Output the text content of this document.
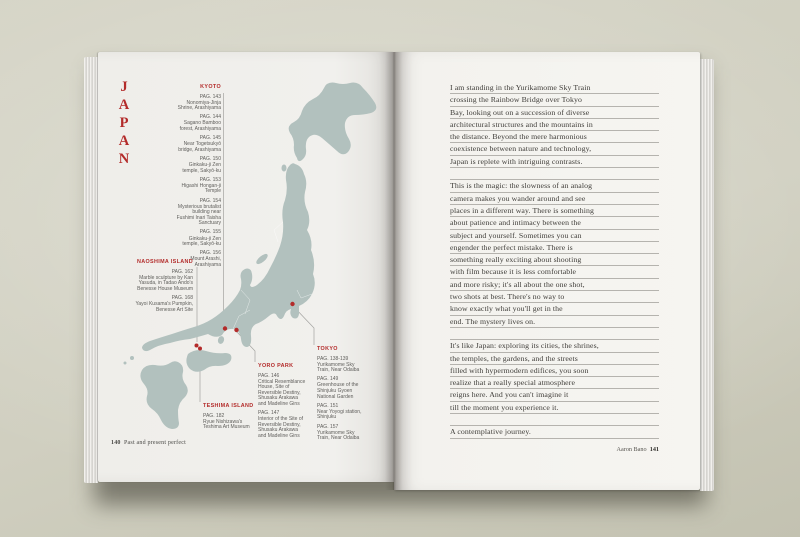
J
A
P
A
N
KYOTO
PAG. 143
Nonomiya-Jinja
Shrine, Arashiyama
PAG. 144
Sagano Bamboo
forest, Arashiyama
PAG. 145
Near Togetsukyō
bridge, Arashiyama
PAG. 150
Ginkaku-ji Zen
temple, Sakyō-ku
PAG. 153
Higashi Hongan-ji
Temple
PAG. 154
Mysterious brutalist
building near
Fushimi Inari Taisha
Sanctuary
PAG. 155
Ginkaku-ji Zen
temple, Sakyō-ku
PAG. 156
Mount Arashi,
Arashiyama
NAOSHIMA ISLAND
PAG. 162
Marble sculpture by Kan
Yasuda, in Tadao Ando's
Benesse House Museum
PAG. 168
Yayoi Kusama's Pumpkin,
Benesse Art Site
TESHIMA ISLAND
PAG. 182
Ryue Nishizawa's
Teshima Art Museum
YORO PARK
PAG. 146
Critical Resemblance
House, Site of
Reversible Destiny,
Shusaku Arakawa
and Madeline Gins
PAG. 147
Interior of the Site of
Reversible Destiny,
Shusaku Arakawa
and Madeline Gins
TOKYO
PAG. 138-139
Yurikamome Sky
Train, Near Odaiba
PAG. 149
Greenhouse of the
Shinjuku Gyoen
National Garden
PAG. 151
Near Yoyogi station,
Shinjuku
PAG. 157
Yurikamome Sky
Train, Near Odaiba
140 Past and present perfect
I am standing in the Yurikamome Sky Train
crossing the Rainbow Bridge over Tokyo
Bay, looking out on a succession of diverse
architectural structures and the mountains in
the distance. Beyond the mere harmonious
coexistence between nature and technology,
Japan is replete with intriguing contrasts.
This is the magic: the slowness of an analog
camera makes you wander around and see
places in a different way. There is something
about patience and intimacy between the
subject and yourself. Sometimes you can
engender the perfect mistake. There is
something really exciting about shooting
with film because it is less comfortable
and more risky; it's all about the one shot,
two shots at best. There's no way to
know exactly what you'll get in the
end. The mystery lives on.
It's like Japan: exploring its cities, the shrines,
the temples, the gardens, and the streets
filled with hypermodern edifices, you soon
realize that a really special atmosphere
reigns here. And you can't imagine it
till the moment you experience it.
A contemplative journey.
Aaron Bano 141
